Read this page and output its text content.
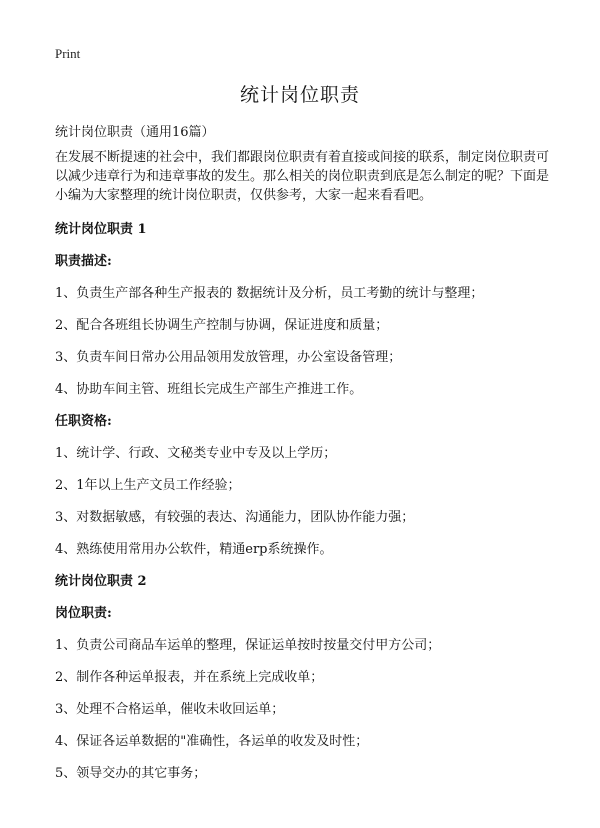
Print
统计岗位职责
统计岗位职责（通用16篇）

在发展不断提速的社会中，我们都跟岗位职责有着直接或间接的联系，制定岗位职责可以减少违章行为和违章事故的发生。那么相关的岗位职责到底是怎么制定的呢？下面是小编为大家整理的统计岗位职责，仅供参考，大家一起来看看吧。

统计岗位职责 1
职责描述:
1、负责生产部各种生产报表的 数据统计及分析，员工考勤的统计与整理；
2、配合各班组长协调生产控制与协调，保证进度和质量；
3、负责车间日常办公用品领用发放管理，办公室设备管理；
4、协助车间主管、班组长完成生产部生产推进工作。
任职资格:
1、统计学、行政、文秘类专业中专及以上学历；
2、1年以上生产文员工作经验；
3、对数据敏感，有较强的表达、沟通能力，团队协作能力强；
4、熟练使用常用办公软件，精通erp系统操作。
统计岗位职责 2
岗位职责:
1、负责公司商品车运单的整理，保证运单按时按量交付甲方公司；
2、制作各种运单报表，并在系统上完成收单；
3、处理不合格运单，催收未收回运单；
4、保证各运单数据的"准确性，各运单的收发及时性；
5、领导交办的其它事务；
